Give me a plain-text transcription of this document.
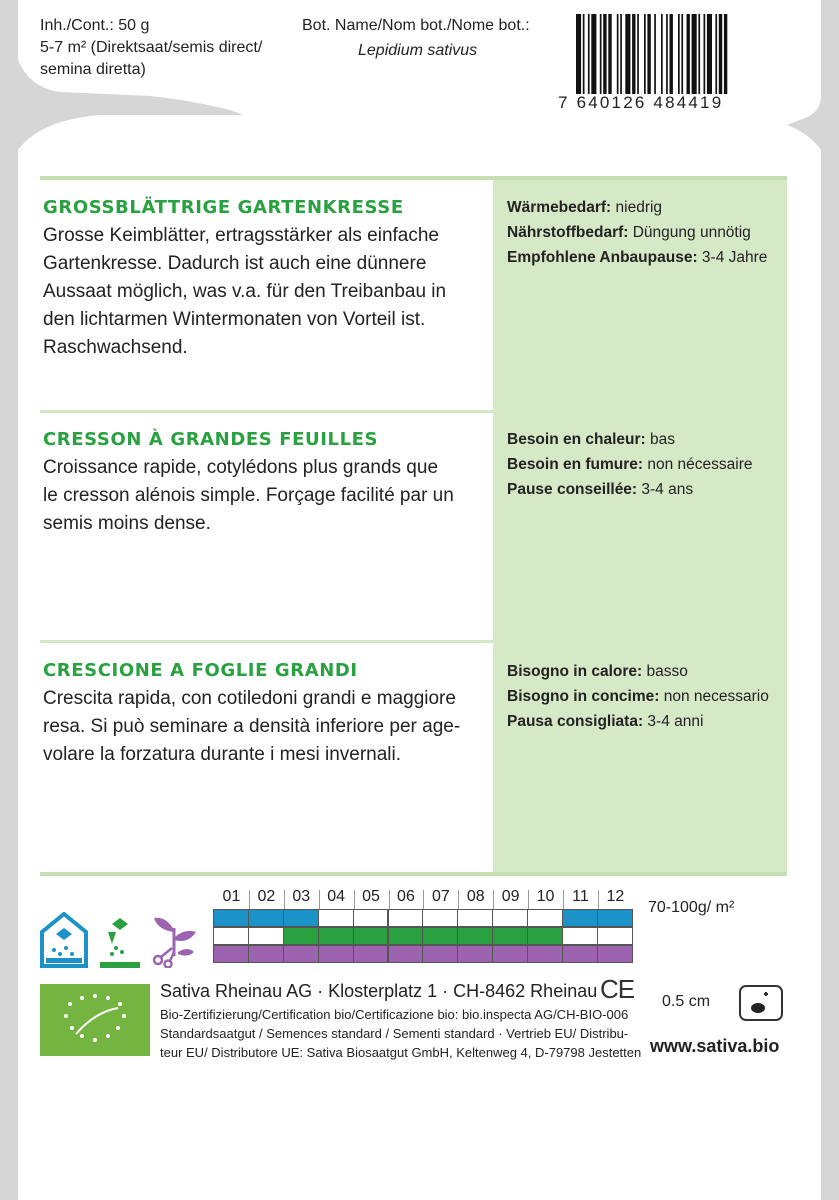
Inh./Cont.: 50 g
5-7 m² (Direktsaat/semis direct/
semina diretta)
Bot. Name/Nom bot./Nome bot.:
Lepidium sativus
7 640126 484419
GROSSBLÄTTRIGE GARTENKRESSE
Grosse Keimblätter, ertragsstärker als einfache
Gartenkresse. Dadurch ist auch eine dünnere
Aussaat möglich, was v.a. für den Treibanbau in
den lichtarmen Wintermonaten von Vorteil ist.
Raschwachsend.
Wärmebedarf: niedrig
Nährstoffbedarf: Düngung unnötig
Empfohlene Anbaupause: 3-4 Jahre
CRESSON À GRANDES FEUILLES
Croissance rapide, cotylédons plus grands que
le cresson alénois simple. Forçage facilité par un
semis moins dense.
Besoin en chaleur: bas
Besoin en fumure: non nécessaire
Pause conseillée: 3-4 ans
CRESCIONE A FOGLIE GRANDI
Crescita rapida, con cotiledoni grandi e maggiore
resa. Si può seminare a densità inferiore per age-
volare la forzatura durante i mesi invernali.
Bisogno in calore: basso
Bisogno in concime: non necessario
Pausa consigliata: 3-4 anni
01	02	03	04	05	06	07	08	09	10	11	12
70-100g/ m²
Sativa Rheinau AG · Klosterplatz 1 · CH-8462 Rheinau CE
Bio-Zertifizierung/Certification bio/Certificazione bio: bio.inspecta AG/CH-BIO-006
Standardsaatgut / Semences standard / Sementi standard · Vertrieb EU/ Distribu-
teur EU/ Distributore UE: Sativa Biosaatgut GmbH, Keltenweg 4, D-79798 Jestetten
0.5 cm
www.sativa.bio
